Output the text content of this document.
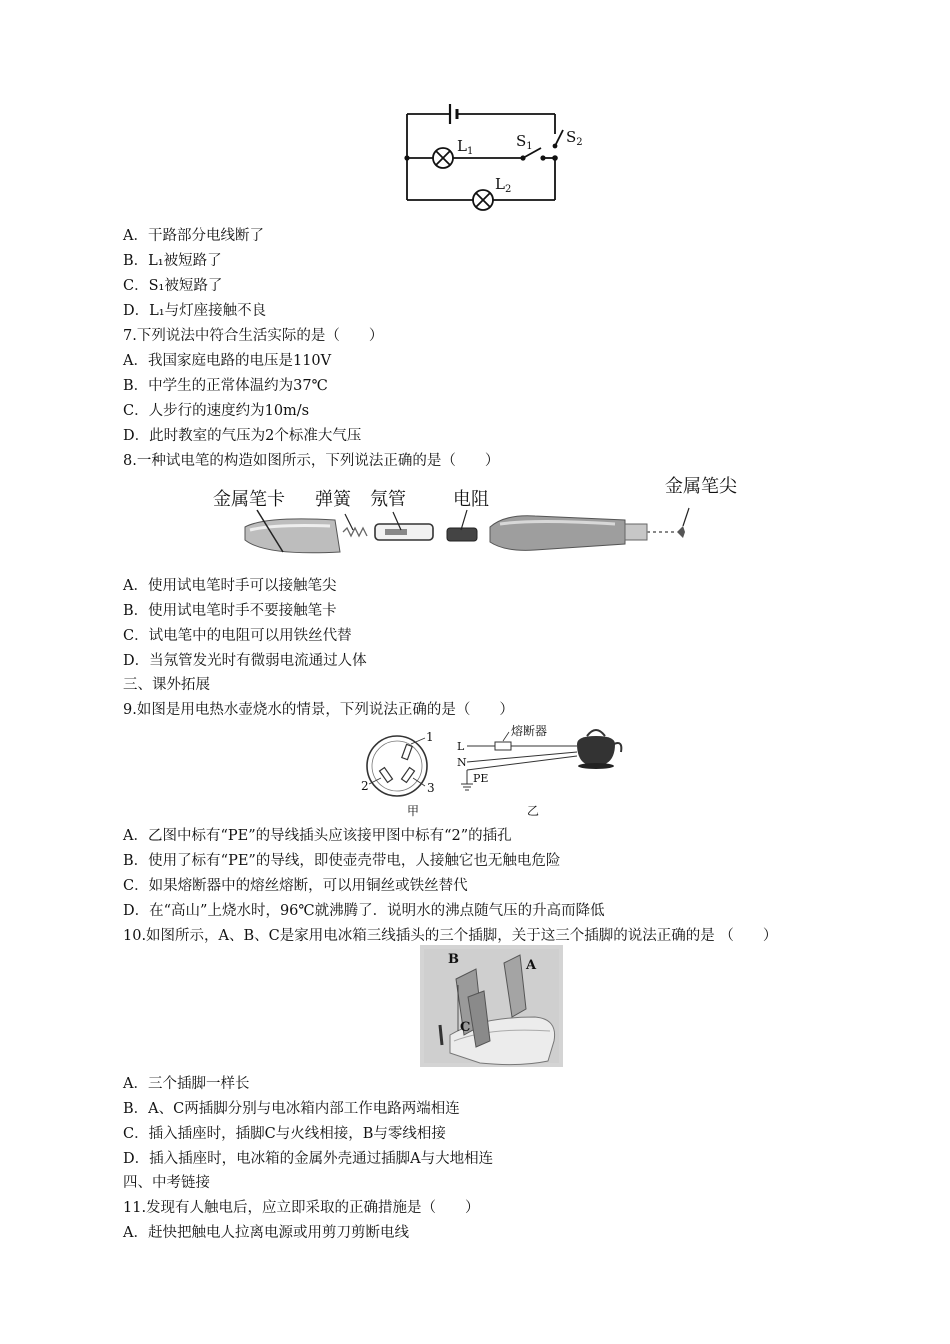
$L_1$
$S_1$
$S_2$
$L_2$
A．干路部分电线断了
B．L₁被短路了
C．S₁被短路了
D．L₁与灯座接触不良
7.下列说法中符合生活实际的是（　　）
A．我国家庭电路的电压是110V
B．中学生的正常体温约为37℃
C．人步行的速度约为10m/s
D．此时教室的气压为2个标准大气压
8.一种试电笔的构造如图所示，下列说法正确的是（　　）
金属笔卡 弹簧 氖管	电阻
金属笔尖
A．使用试电笔时手可以接触笔尖
B．使用试电笔时手不要接触笔卡
C．试电笔中的电阻可以用铁丝代替
D．当氖管发光时有微弱电流通过人体
三、课外拓展
9.如图是用电热水壶烧水的情景，下列说法正确的是（　　）
1
2	3
甲
L
N
熔断器
PE
乙
A．乙图中标有“PE”的导线插头应该接甲图中标有“2”的插孔
B．使用了标有“PE”的导线，即使壶壳带电，人接触它也无触电危险
C．如果熔断器中的熔丝熔断，可以用铜丝或铁丝替代
D．在“高山”上烧水时，96℃就沸腾了．说明水的沸点随气压的升高而降低
10.如图所示，A、B、C是家用电冰箱三线插头的三个插脚，关于这三个插脚的说法正确的是 （　　）
B	A
C
A．三个插脚一样长
B．A、C两插脚分别与电冰箱内部工作电路两端相连
C．插入插座时，插脚C与火线相接，B与零线相接
D．插入插座时，电冰箱的金属外壳通过插脚A与大地相连
四、中考链接
11.发现有人触电后，应立即采取的正确措施是（　　）
A．赶快把触电人拉离电源或用剪刀剪断电线
